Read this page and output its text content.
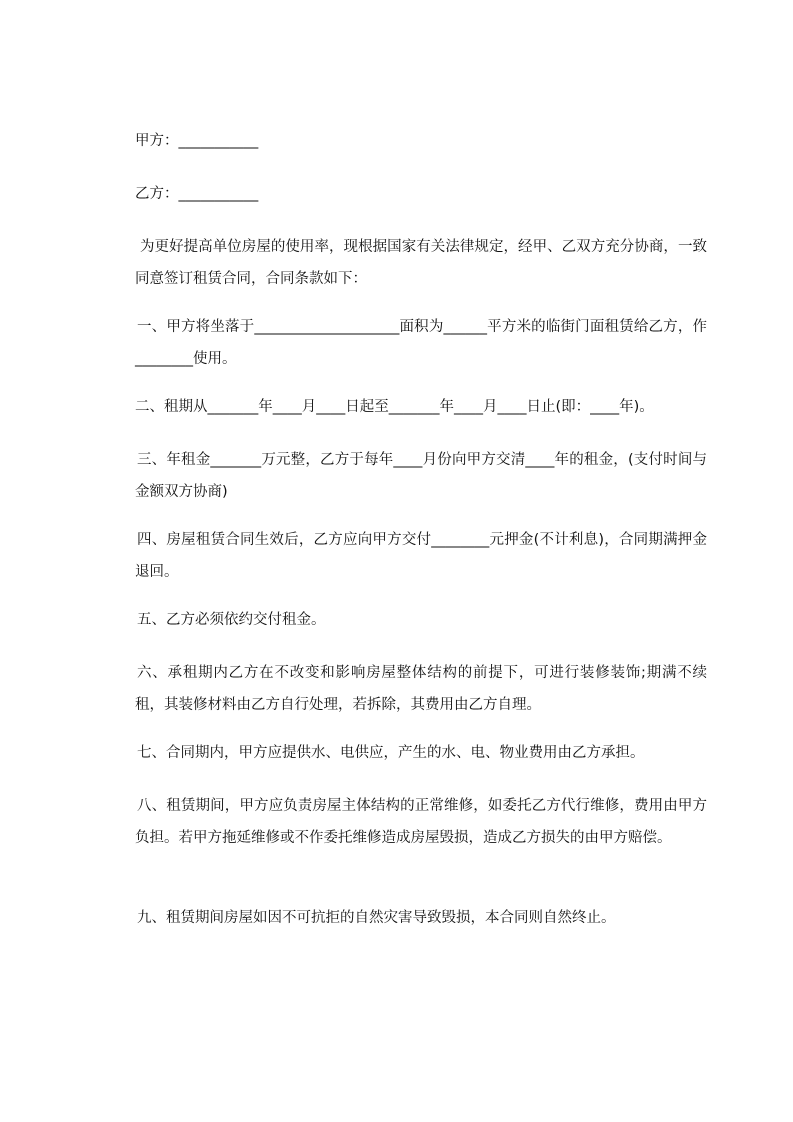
甲方：___________
乙方：___________
为更好提高单位房屋的使用率，现根据国家有关法律规定，经甲、乙双方充分协商，一致同意签订租赁合同，合同条款如下：
一、甲方将坐落于____________________面积为______平方米的临街门面租赁给乙方，作________使用。
二、租期从_______年____月____日起至_______年____月____日止(即：____年)。
三、年租金_______万元整，乙方于每年____月份向甲方交清____年的租金，(支付时间与金额双方协商)
四、房屋租赁合同生效后，乙方应向甲方交付________元押金(不计利息)，合同期满押金退回。
五、乙方必须依约交付租金。
六、承租期内乙方在不改变和影响房屋整体结构的前提下，可进行装修装饰;期满不续租，其装修材料由乙方自行处理，若拆除，其费用由乙方自理。
七、合同期内，甲方应提供水、电供应，产生的水、电、物业费用由乙方承担。
八、租赁期间，甲方应负责房屋主体结构的正常维修，如委托乙方代行维修，费用由甲方负担。若甲方拖延维修或不作委托维修造成房屋毁损，造成乙方损失的由甲方赔偿。
九、租赁期间房屋如因不可抗拒的自然灾害导致毁损，本合同则自然终止。
